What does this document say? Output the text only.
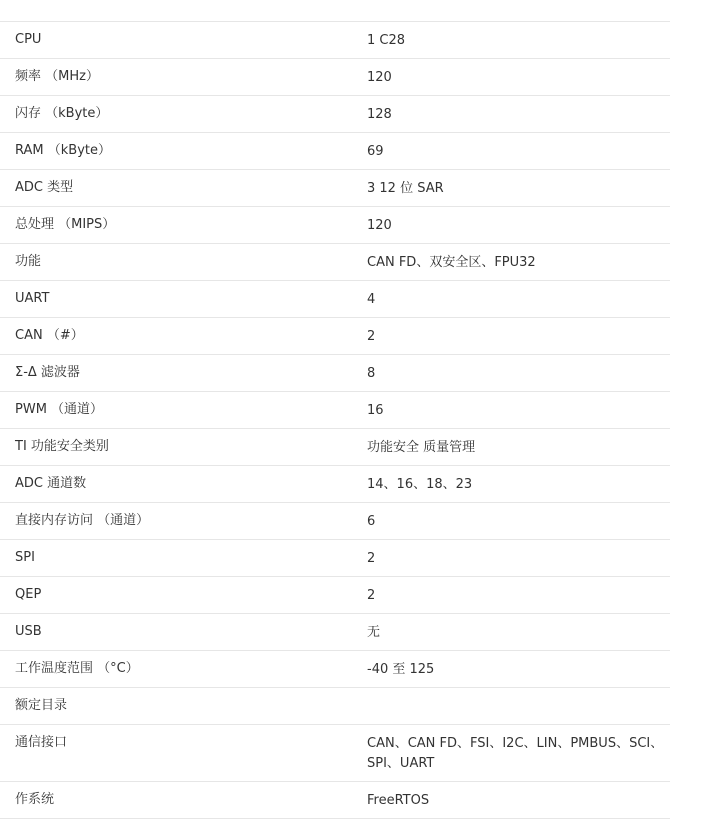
CPU	1 C28
频率 （MHz）	120
闪存 （kByte）	128
RAM （kByte）	69
ADC 类型	3 12 位 SAR
总处理 （MIPS）	120
功能	CAN FD、双安全区、FPU32
UART	4
CAN （#）	2
Σ-Δ 滤波器	8
PWM （通道）	16
TI 功能安全类别	功能安全 质量管理
ADC 通道数	14、16、18、23
直接内存访问 （通道）	6
SPI	2
QEP	2
USB	无
工作温度范围 （°C）	-40 至 125
额定目录
通信接口	CAN、CAN FD、FSI、I2C、LIN、PMBUS、SCI、SPI、UART
作系统	FreeRTOS
